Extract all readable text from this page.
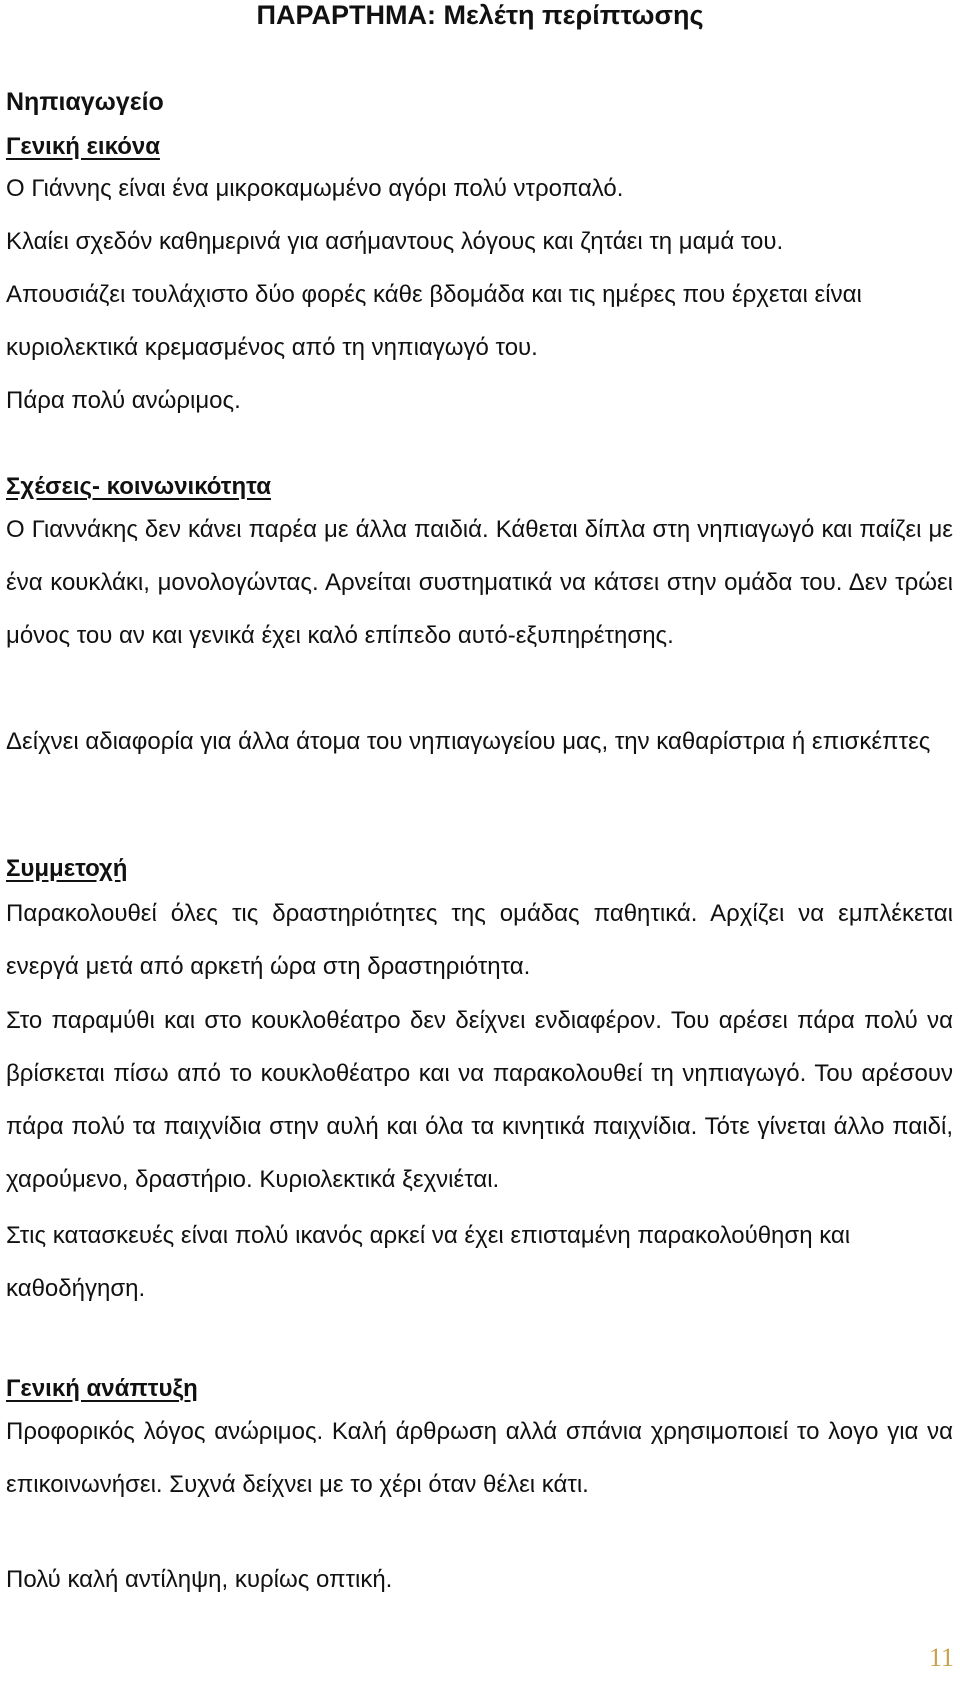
ΠΑΡΑΡΤΗΜΑ: Μελέτη περίπτωσης
Νηπιαγωγείο
Γενική εικόνα

Ο Γιάννης είναι ένα μικροκαμωμένο αγόρι πολύ ντροπαλό.

Κλαίει σχεδόν καθημερινά για ασήμαντους λόγους και ζητάει τη μαμά του.

Απουσιάζει τουλάχιστο δύο φορές κάθε βδομάδα και τις ημέρες που έρχεται είναι κυριολεκτικά κρεμασμένος από τη νηπιαγωγό του.

Πάρα πολύ ανώριμος.

Σχέσεις- κοινωνικότητα

Ο Γιαννάκης δεν κάνει παρέα με άλλα παιδιά. Κάθεται δίπλα στη νηπιαγωγό και παίζει με ένα κουκλάκι, μονολογώντας. Αρνείται συστηματικά να κάτσει στην ομάδα του. Δεν τρώει μόνος του αν και γενικά έχει καλό επίπεδο αυτό-εξυπηρέτησης.

Δείχνει αδιαφορία για άλλα άτομα του νηπιαγωγείου μας, την καθαρίστρια ή επισκέπτες

Συμμετοχή

Παρακολουθεί όλες τις δραστηριότητες της ομάδας παθητικά. Αρχίζει να εμπλέκεται ενεργά μετά από αρκετή ώρα στη δραστηριότητα.

Στο παραμύθι και στο κουκλοθέατρο δεν δείχνει ενδιαφέρον. Του αρέσει πάρα πολύ να βρίσκεται πίσω από το κουκλοθέατρο και να παρακολουθεί τη νηπιαγωγό. Του αρέσουν πάρα πολύ τα παιχνίδια στην αυλή και όλα τα κινητικά παιχνίδια. Τότε γίνεται άλλο παιδί, χαρούμενο, δραστήριο. Κυριολεκτικά ξεχνιέται.

Στις κατασκευές είναι πολύ ικανός αρκεί να έχει επισταμένη παρακολούθηση και καθοδήγηση.

Γενική ανάπτυξη

Προφορικός λόγος ανώριμος. Καλή άρθρωση αλλά σπάνια χρησιμοποιεί το λογο για να επικοινωνήσει. Συχνά δείχνει με το χέρι όταν θέλει κάτι.

Πολύ καλή αντίληψη, κυρίως οπτική.

11
